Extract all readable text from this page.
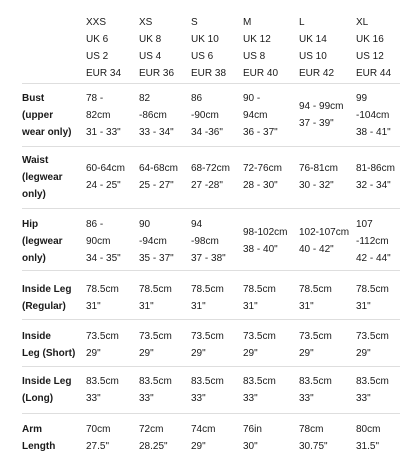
XXS
UK 6
US 2
EUR 34
XS
UK 8
US 4
EUR 36
S
UK 10
US 6
EUR 38
M
UK 12
US 8
EUR 40
L
UK 14
US 10
EUR 42
XL
UK 16
US 12
EUR 44
Bust
(upper
wear only)
78 -
82cm
31 - 33"
82
-86cm
33 - 34"
86
-90cm
34 -36"
90 -
94cm
36 - 37"
94 - 99cm
37 - 39"
99
-104cm
38 - 41"
Waist
(legwear
only)
60-64cm
24 - 25"
64-68cm
25 - 27"
68-72cm
27 -28"
72-76cm
28 - 30"
76-81cm
30 - 32"
81-86cm
32 - 34"
Hip
(legwear
only)
86 -
90cm
34 - 35"
90
-94cm
35 - 37"
94
-98cm
37 - 38"
98-102cm
38 - 40"
102-107cm
40 - 42"
107
-112cm
42 - 44"
Inside Leg
(Regular)
78.5cm
31"
78.5cm
31"
78.5cm
31"
78.5cm
31"
78.5cm
31"
78.5cm
31"
Inside
Leg (Short)
73.5cm
29"
73.5cm
29"
73.5cm
29"
73.5cm
29"
73.5cm
29"
73.5cm
29"
Inside Leg
(Long)
83.5cm
33"
83.5cm
33"
83.5cm
33"
83.5cm
33"
83.5cm
33"
83.5cm
33"
Arm
Length
70cm
27.5"
72cm
28.25"
74cm
29"
76in
30"
78cm
30.75"
80cm
31.5"
